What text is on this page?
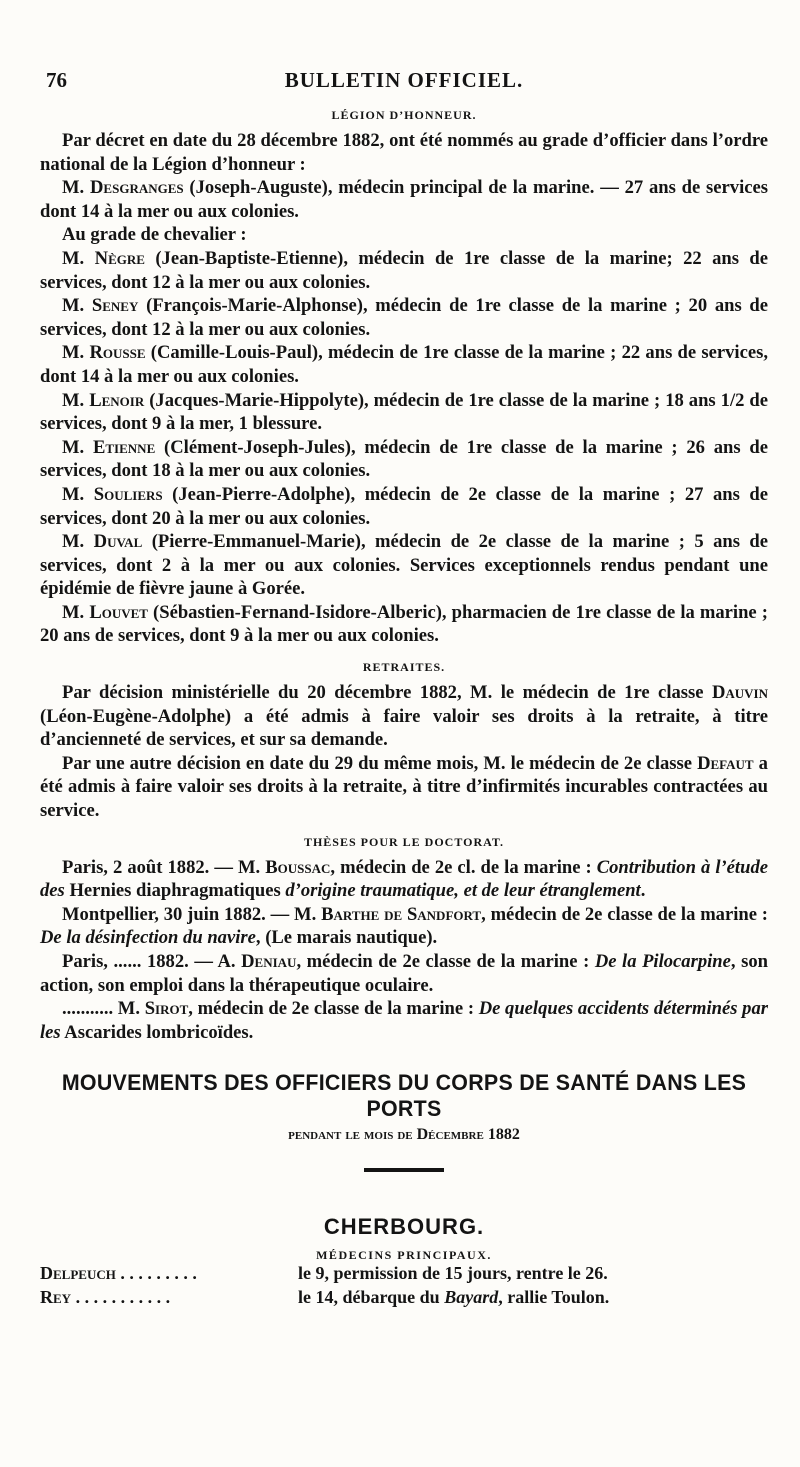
76	BULLETIN OFFICIEL.
LÉGION D’HONNEUR.

Par décret en date du 28 décembre 1882, ont été nommés au grade d’officier dans l’ordre national de la Légion d’honneur :

M. Desgranges (Joseph-Auguste), médecin principal de la marine. — 27 ans de services dont 14 à la mer ou aux colonies.

Au grade de chevalier :

M. Nègre (Jean-Baptiste-Etienne), médecin de 1re classe de la marine; 22 ans de services, dont 12 à la mer ou aux colonies.

M. Seney (François-Marie-Alphonse), médecin de 1re classe de la marine ; 20 ans de services, dont 12 à la mer ou aux colonies.

M. Rousse (Camille-Louis-Paul), médecin de 1re classe de la marine ; 22 ans de services, dont 14 à la mer ou aux colonies.

M. Lenoir (Jacques-Marie-Hippolyte), médecin de 1re classe de la marine ; 18 ans 1/2 de services, dont 9 à la mer, 1 blessure.

M. Etienne (Clément-Joseph-Jules), médecin de 1re classe de la marine ; 26 ans de services, dont 18 à la mer ou aux colonies.

M. Souliers (Jean-Pierre-Adolphe), médecin de 2e classe de la marine ; 27 ans de services, dont 20 à la mer ou aux colonies.

M. Duval (Pierre-Emmanuel-Marie), médecin de 2e classe de la marine ; 5 ans de services, dont 2 à la mer ou aux colonies. Services exceptionnels rendus pendant une épidémie de fièvre jaune à Gorée.

M. Louvet (Sébastien-Fernand-Isidore-Alberic), pharmacien de 1re classe de la marine ; 20 ans de services, dont 9 à la mer ou aux colonies.

RETRAITES.

Par décision ministérielle du 20 décembre 1882, M. le médecin de 1re classe Dauvin (Léon-Eugène-Adolphe) a été admis à faire valoir ses droits à la retraite, à titre d’ancienneté de services, et sur sa demande.

Par une autre décision en date du 29 du même mois, M. le médecin de 2e classe Defaut a été admis à faire valoir ses droits à la retraite, à titre d’infirmités incurables contractées au service.

THÈSES POUR LE DOCTORAT.

Paris, 2 août 1882. — M. Boussac, médecin de 2e cl. de la marine : Contribution à l’étude des Hernies diaphragmatiques d’origine traumatique, et de leur étranglement.

Montpellier, 30 juin 1882. — M. Barthe de Sandfort, médecin de 2e classe de la marine : De la désinfection du navire, (Le marais nautique).

Paris, ...... 1882. — A. Deniau, médecin de 2e classe de la marine : De la Pilocarpine, son action, son emploi dans la thérapeutique oculaire.

........... M. Sirot, médecin de 2e classe de la marine : De quelques accidents déterminés par les Ascarides lombricoïdes.

MOUVEMENTS DES OFFICIERS DU CORPS DE SANTÉ DANS LES PORTS
pendant le mois de Décembre 1882
CHERBOURG.
MÉDECINS PRINCIPAUX.
Delpeuch . . . . . . . . .	le 9, permission de 15 jours, rentre le 26.
Rey . . . . . . . . . . .	le 14, débarque du Bayard, rallie Toulon.
